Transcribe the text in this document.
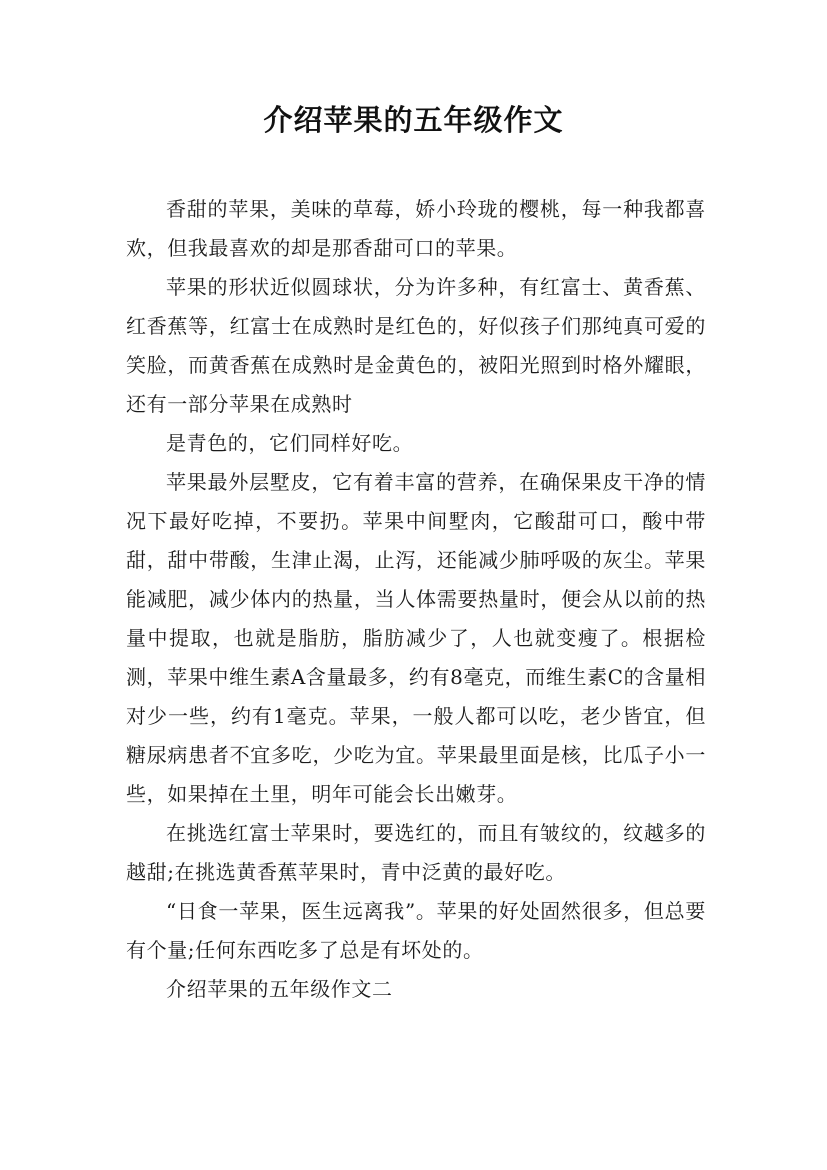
介绍苹果的五年级作文

香甜的苹果，美味的草莓，娇小玲珑的樱桃，每一种我都喜欢，但我最喜欢的却是那香甜可口的苹果。

苹果的形状近似圆球状，分为许多种，有红富士、黄香蕉、红香蕉等，红富士在成熟时是红色的，好似孩子们那纯真可爱的笑脸，而黄香蕉在成熟时是金黄色的，被阳光照到时格外耀眼，还有一部分苹果在成熟时

是青色的，它们同样好吃。

苹果最外层墅皮，它有着丰富的营养，在确保果皮干净的情况下最好吃掉，不要扔。苹果中间墅肉，它酸甜可口，酸中带甜，甜中带酸，生津止渴，止泻，还能减少肺呼吸的灰尘。苹果能减肥，减少体内的热量，当人体需要热量时，便会从以前的热量中提取，也就是脂肪，脂肪减少了，人也就变瘦了。根据检测，苹果中维生素A含量最多，约有8毫克，而维生素C的含量相对少一些，约有1毫克。苹果，一般人都可以吃，老少皆宜，但糖尿病患者不宜多吃，少吃为宜。苹果最里面是核，比瓜子小一些，如果掉在土里，明年可能会长出嫩芽。

在挑选红富士苹果时，要选红的，而且有皱纹的，纹越多的越甜;在挑选黄香蕉苹果时，青中泛黄的最好吃。

“日食一苹果，医生远离我”。苹果的好处固然很多，但总要有个量;任何东西吃多了总是有坏处的。

介绍苹果的五年级作文二
